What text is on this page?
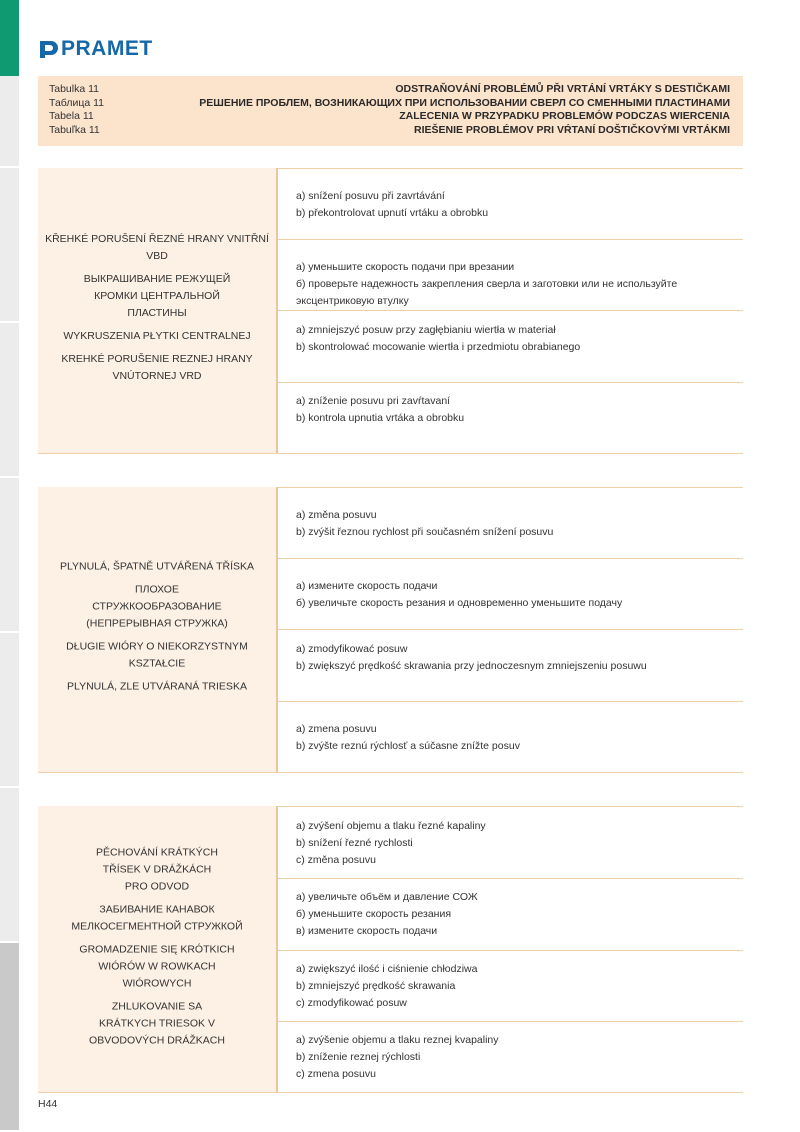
PRAMET
Tabulka 11
Таблица 11
Tabela 11
Tabuľka 11
ODSTRAŇOVÁNÍ PROBLÉMŮ PŘI VRTÁNÍ VRTÁKY S DESTIČKAMI
РЕШЕНИЕ ПРОБЛЕМ, ВОЗНИКАЮЩИХ ПРИ ИСПОЛЬЗОВАНИИ СВЕРЛ СО СМЕННЫМИ ПЛАСТИНАМИ
ZALECENIA W PRZYPADKU PROBLEMÓW PODCZAS WIERCENIA
RIEŠENIE PROBLÉMOV PRI VŔTANÍ DOŠTIČKOVÝMI VRTÁKMI

KŘEHKÉ PORUŠENÍ ŘEZNÉ HRANY VNITŘNÍ VBD

ВЫКРАШИВАНИЕ РЕЖУЩЕЙ КРОМКИ ЦЕНТРАЛЬНОЙ ПЛАСТИНЫ

WYKRUSZENIA PŁYTKI CENTRALNEJ

KREHKÉ PORUŠENIE REZNEJ HRANY VNÚTORNEJ VRD

a) snížení posuvu při zavrtávání
b) překontrolovat upnutí vrtáku a obrobku
а) уменьшите скорость подачи при врезании
б) проверьте надежность закрепления сверла и заготовки или не используйте эксцентриковую втулку
a) zmniejszyć posuw przy zagłębianiu wiertła w materiał
b) skontrolować mocowanie wiertła i przedmiotu obrabianego
a) zníženie posuvu pri zavŕtavaní
b) kontrola upnutia vrtáka a obrobku

PLYNULÁ, ŠPATNĚ UTVÁŘENÁ TŘÍSKA

ПЛОХОЕ СТРУЖКООБРАЗОВАНИЕ (НЕПРЕРЫВНАЯ СТРУЖКА)

DŁUGIE WIÓRY O NIEKORZYSTNYM KSZTAŁCIE

PLYNULÁ, ZLE UTVÁRANÁ TRIESKA

a) změna posuvu
b) zvýšit řeznou rychlost při současném snížení posuvu
а) измените скорость подачи
б) увеличьте скорость резания и одновременно уменьшите подачу
a) zmodyfikować posuw
b) zwiększyć prędkość skrawania przy jednoczesnym zmniejszeniu posuwu
a) zmena posuvu
b) zvýšte reznú rýchlosť a súčasne znížte posuv

PĚCHOVÁNÍ KRÁTKÝCH TŘÍSEK V DRÁŽKÁCH PRO ODVOD

ЗАБИВАНИЕ КАНАВОК МЕЛКОСЕГМЕНТНОЙ СТРУЖКОЙ

GROMADZENIE SIĘ KRÓTKICH WIÓRÓW W ROWKACH WIÓROWYCH

ZHLUKOVANIE SA KRÁTKYCH TRIESOK V OBVODOVÝCH DRÁŽKACH

a) zvýšení objemu a tlaku řezné kapaliny
b) snížení řezné rychlosti
c) změna posuvu
а) увеличьте объём и давление СОЖ
б) уменьшите скорость резания
в) измените скорость подачи
a) zwiększyć ilość i ciśnienie chłodziwa
b) zmniejszyć prędkość skrawania
c) zmodyfikować posuw
a) zvýšenie objemu a tlaku reznej kvapaliny
b) zníženie reznej rýchlosti
c) zmena posuvu
H44
